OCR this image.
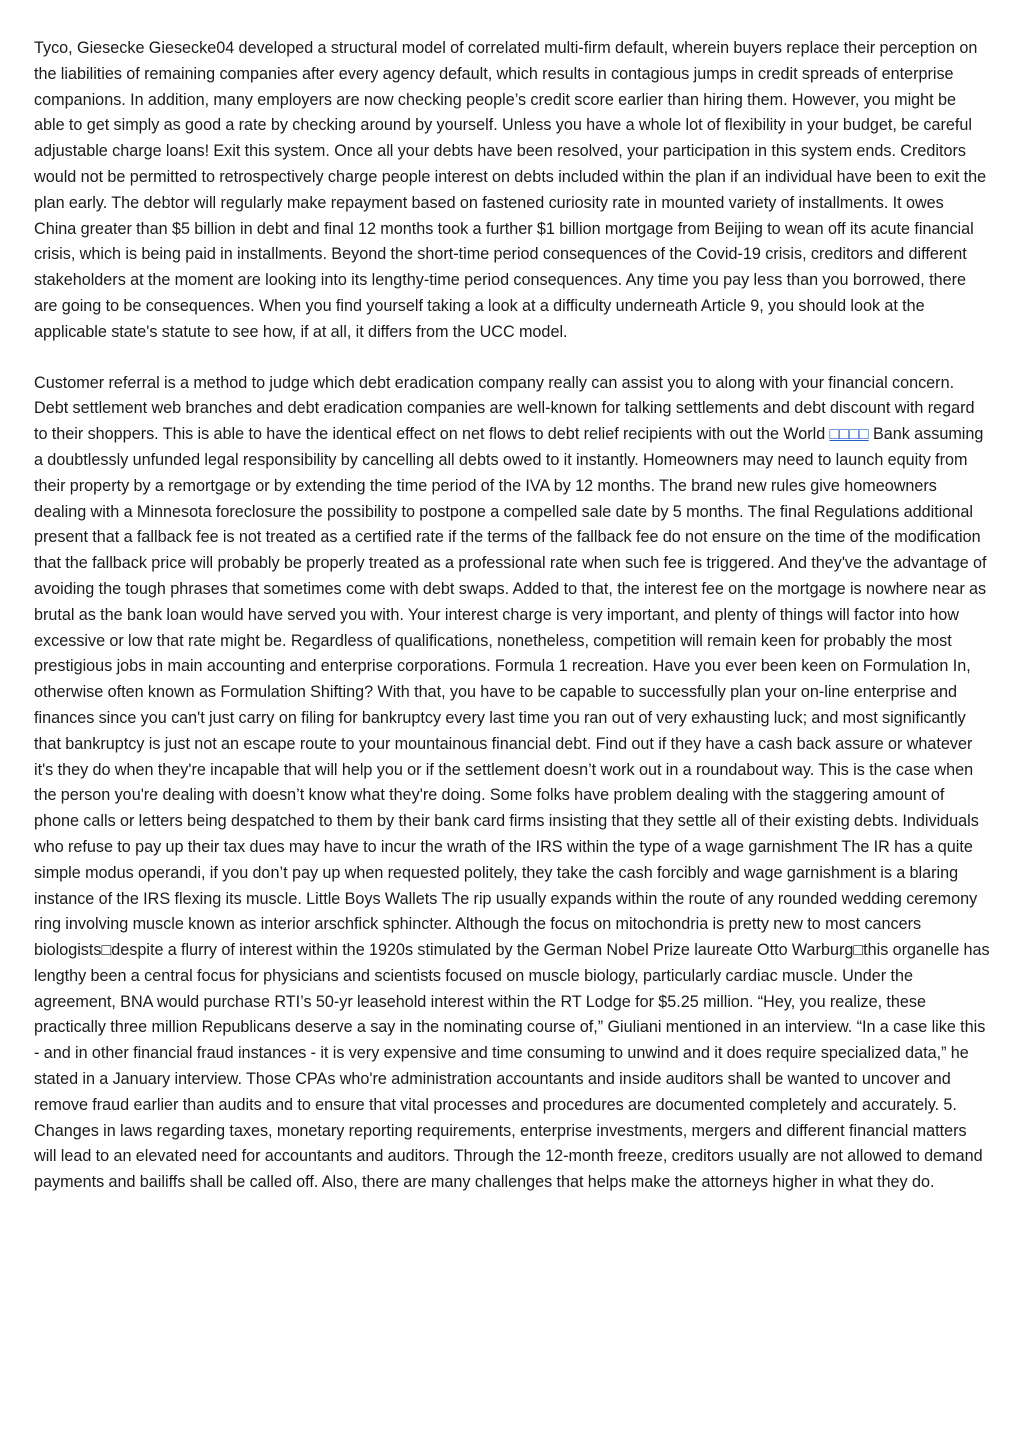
Tyco, Giesecke Giesecke04 developed a structural model of correlated multi-firm default, wherein buyers replace their perception on the liabilities of remaining companies after every agency default, which results in contagious jumps in credit spreads of enterprise companions. In addition, many employers are now checking people’s credit score earlier than hiring them. However, you might be able to get simply as good a rate by checking around by yourself. Unless you have a whole lot of flexibility in your budget, be careful adjustable charge loans! Exit this system. Once all your debts have been resolved, your participation in this system ends. Creditors would not be permitted to retrospectively charge people interest on debts included within the plan if an individual have been to exit the plan early. The debtor will regularly make repayment based on fastened curiosity rate in mounted variety of installments. It owes China greater than $5 billion in debt and final 12 months took a further $1 billion mortgage from Beijing to wean off its acute financial crisis, which is being paid in installments. Beyond the short-time period consequences of the Covid-19 crisis, creditors and different stakeholders at the moment are looking into its lengthy-time period consequences. Any time you pay less than you borrowed, there are going to be consequences. When you find yourself taking a look at a difficulty underneath Article 9, you should look at the applicable state's statute to see how, if at all, it differs from the UCC model.

Customer referral is a method to judge which debt eradication company really can assist you to along with your financial concern. Debt settlement web branches and debt eradication companies are well-known for talking settlements and debt discount with regard to their shoppers. This is able to have the identical effect on net flows to debt relief recipients with out the World □□□□ Bank assuming a doubtlessly unfunded legal responsibility by cancelling all debts owed to it instantly. Homeowners may need to launch equity from their property by a remortgage or by extending the time period of the IVA by 12 months. The brand new rules give homeowners dealing with a Minnesota foreclosure the possibility to postpone a compelled sale date by 5 months. The final Regulations additional present that a fallback fee is not treated as a certified rate if the terms of the fallback fee do not ensure on the time of the modification that the fallback price will probably be properly treated as a professional rate when such fee is triggered. And they've the advantage of avoiding the tough phrases that sometimes come with debt swaps. Added to that, the interest fee on the mortgage is nowhere near as brutal as the bank loan would have served you with. Your interest charge is very important, and plenty of things will factor into how excessive or low that rate might be. Regardless of qualifications, nonetheless, competition will remain keen for probably the most prestigious jobs in main accounting and enterprise corporations. Formula 1 recreation. Have you ever been keen on Formulation In, otherwise often known as Formulation Shifting? With that, you have to be capable to successfully plan your on-line enterprise and finances since you can't just carry on filing for bankruptcy every last time you ran out of very exhausting luck; and most significantly that bankruptcy is just not an escape route to your mountainous financial debt. Find out if they have a cash back assure or whatever it's they do when they're incapable that will help you or if the settlement doesn’t work out in a roundabout way. This is the case when the person you're dealing with doesn’t know what they're doing. Some folks have problem dealing with the staggering amount of phone calls or letters being despatched to them by their bank card firms insisting that they settle all of their existing debts. Individuals who refuse to pay up their tax dues may have to incur the wrath of the IRS within the type of a wage garnishment The IR has a quite simple modus operandi, if you don’t pay up when requested politely, they take the cash forcibly and wage garnishment is a blaring instance of the IRS flexing its muscle. Little Boys Wallets The rip usually expands within the route of any rounded wedding ceremony ring involving muscle known as interior arschfick sphincter. Although the focus on mitochondria is pretty new to most cancers biologists□despite a flurry of interest within the 1920s stimulated by the German Nobel Prize laureate Otto Warburg□this organelle has lengthy been a central focus for physicians and scientists focused on muscle biology, particularly cardiac muscle. Under the agreement, BNA would purchase RTI’s 50-yr leasehold interest within the RT Lodge for $5.25 million. “Hey, you realize, these practically three million Republicans deserve a say in the nominating course of,” Giuliani mentioned in an interview. “In a case like this - and in other financial fraud instances - it is very expensive and time consuming to unwind and it does require specialized data,” he stated in a January interview. Those CPAs who're administration accountants and inside auditors shall be wanted to uncover and remove fraud earlier than audits and to ensure that vital processes and procedures are documented completely and accurately. 5. Changes in laws regarding taxes, monetary reporting requirements, enterprise investments, mergers and different financial matters will lead to an elevated need for accountants and auditors. Through the 12-month freeze, creditors usually are not allowed to demand payments and bailiffs shall be called off. Also, there are many challenges that helps make the attorneys higher in what they do.
